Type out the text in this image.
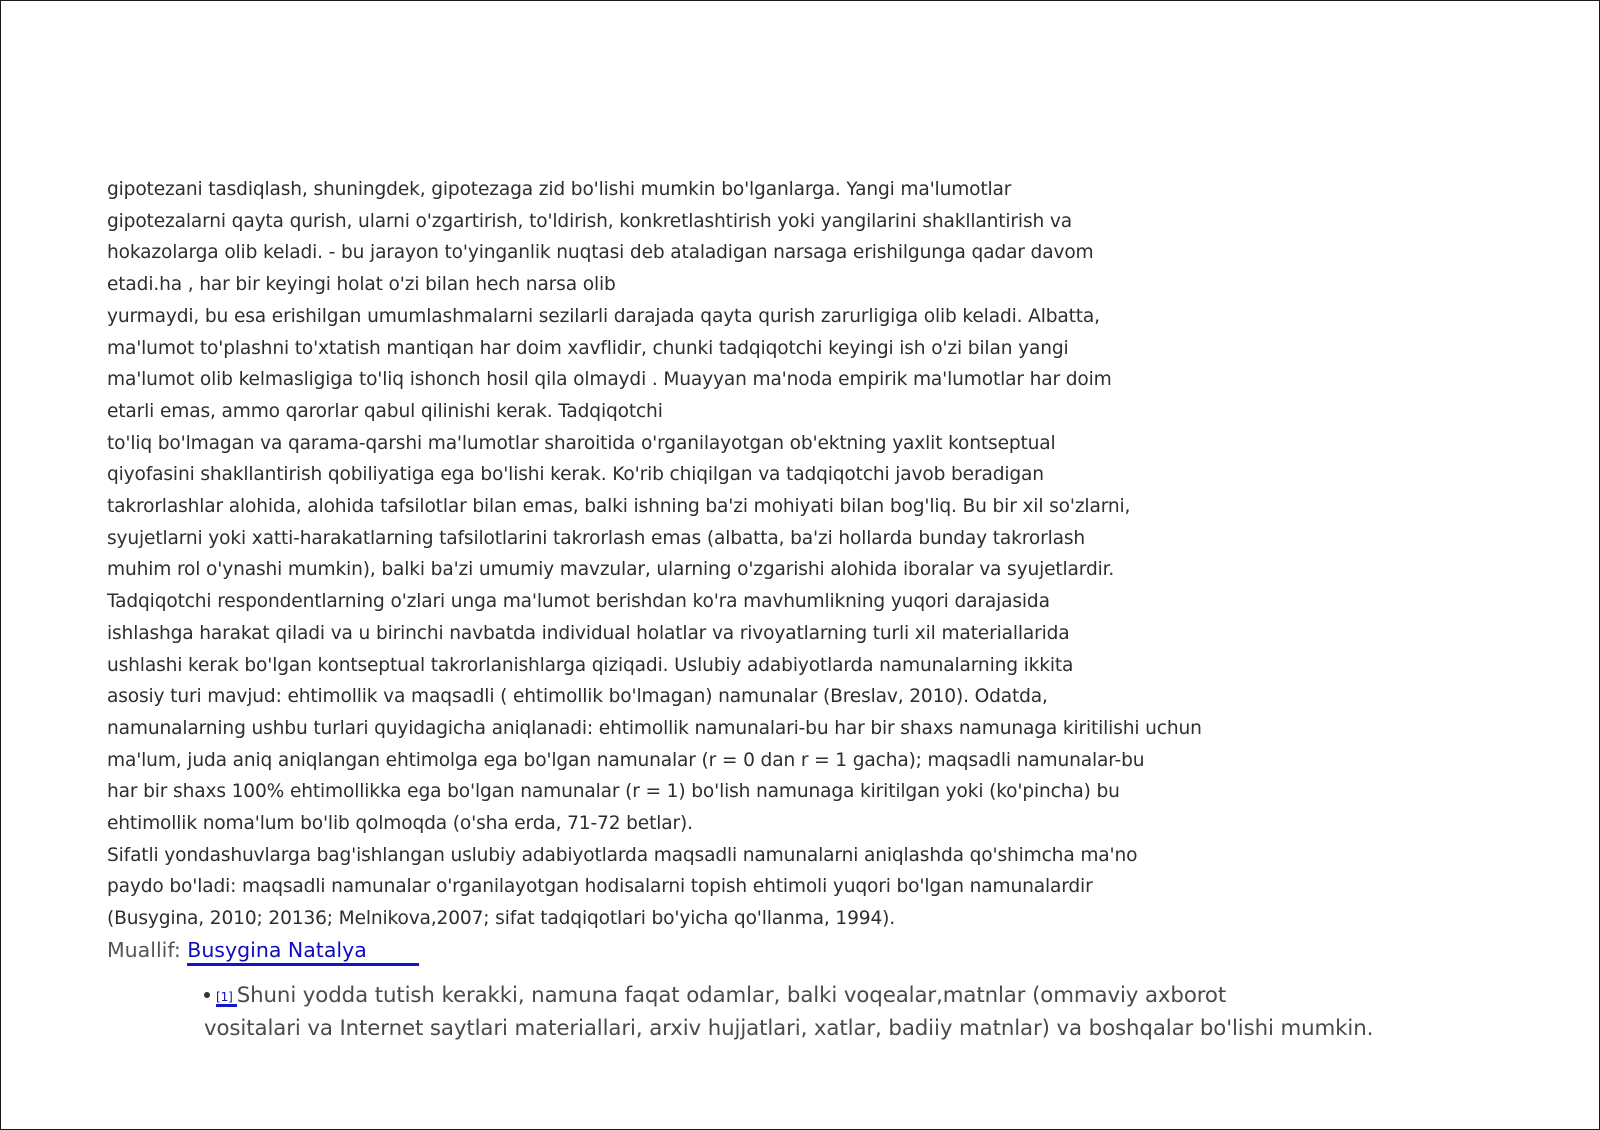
gipotezani tasdiqlash, shuningdek, gipotezaga zid bo'lishi mumkin bo'lganlarga. Yangi ma'lumotlar
gipotezalarni qayta qurish, ularni o'zgartirish, to'ldirish, konkretlashtirish yoki yangilarini shakllantirish va
hokazolarga olib keladi. - bu jarayon to'yinganlik nuqtasi deb ataladigan narsaga erishilgunga qadar davom
etadi.ha , har bir keyingi holat o'zi bilan hech narsa olib
yurmaydi, bu esa erishilgan umumlashmalarni sezilarli darajada qayta qurish zarurligiga olib keladi. Albatta,
ma'lumot to'plashni to'xtatish mantiqan har doim xavflidir, chunki tadqiqotchi keyingi ish o'zi bilan yangi
ma'lumot olib kelmasligiga to'liq ishonch hosil qila olmaydi . Muayyan ma'noda empirik ma'lumotlar har doim
etarli emas, ammo qarorlar qabul qilinishi kerak. Tadqiqotchi
to'liq bo'lmagan va qarama-qarshi ma'lumotlar sharoitida o'rganilayotgan ob'ektning yaxlit kontseptual
qiyofasini shakllantirish qobiliyatiga ega bo'lishi kerak. Ko'rib chiqilgan va tadqiqotchi javob beradigan
takrorlashlar alohida, alohida tafsilotlar bilan emas, balki ishning ba'zi mohiyati bilan bog'liq. Bu bir xil so'zlarni,
syujetlarni yoki xatti-harakatlarning tafsilotlarini takrorlash emas (albatta, ba'zi hollarda bunday takrorlash
muhim rol o'ynashi mumkin), balki ba'zi umumiy mavzular, ularning o'zgarishi alohida iboralar va syujetlardir.
Tadqiqotchi respondentlarning o'zlari unga ma'lumot berishdan ko'ra mavhumlikning yuqori darajasida
ishlashga harakat qiladi va u birinchi navbatda individual holatlar va rivoyatlarning turli xil materiallarida
ushlashi kerak bo'lgan kontseptual takrorlanishlarga qiziqadi. Uslubiy adabiyotlarda namunalarning ikkita
asosiy turi mavjud: ehtimollik va maqsadli ( ehtimollik bo'lmagan) namunalar (Breslav, 2010). Odatda,
namunalarning ushbu turlari quyidagicha aniqlanadi: ehtimollik namunalari-bu har bir shaxs namunaga kiritilishi uchun
ma'lum, juda aniq aniqlangan ehtimolga ega bo'lgan namunalar (r = 0 dan r = 1 gacha); maqsadli namunalar-bu
har bir shaxs 100% ehtimollikka ega bo'lgan namunalar (r = 1) bo'lish namunaga kiritilgan yoki (ko'pincha) bu
ehtimollik noma'lum bo'lib qolmoqda (o'sha erda, 71-72 betlar).
Sifatli yondashuvlarga bag'ishlangan uslubiy adabiyotlarda maqsadli namunalarni aniqlashda qo'shimcha ma'no
paydo bo'ladi: maqsadli namunalar o'rganilayotgan hodisalarni topish ehtimoli yuqori bo'lgan namunalardir
(Busygina, 2010; 20136; Melnikova,2007; sifat tadqiqotlari bo'yicha qo'llanma, 1994).
Muallif: Busygina Natalya
[1] Shuni yodda tutish kerakki, namuna faqat odamlar, balki voqealar,matnlar (ommaviy axborot
vositalari va Internet saytlari materiallari, arxiv hujjatlari, xatlar, badiiy matnlar) va boshqalar bo'lishi mumkin.
